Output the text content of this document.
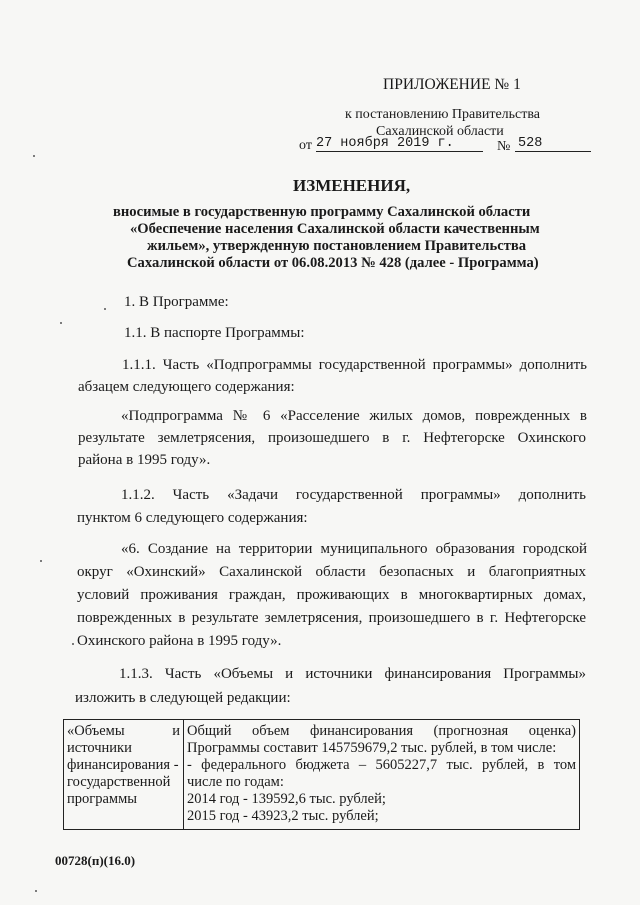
ПРИЛОЖЕНИЕ № 1
к постановлению Правительства
Сахалинской области
от 27 ноября 2019 г.	№ 528
ИЗМЕНЕНИЯ,
вносимые в государственную программу Сахалинской области
«Обеспечение населения Сахалинской области качественным
жильем», утвержденную постановлением Правительства
Сахалинской области от 06.08.2013 № 428 (далее - Программа)
1. В Программе:
1.1. В паспорте Программы:
1.1.1. Часть «Подпрограммы государственной программы» дополнить
абзацем следующего содержания:
«Подпрограмма № 6 «Расселение жилых домов, поврежденных в
результате землетрясения, произошедшего в г. Нефтегорске Охинского
района в 1995 году».
1.1.2. Часть «Задачи государственной программы» дополнить
пунктом 6 следующего содержания:
«6. Создание на территории муниципального образования городской
округ «Охинский» Сахалинской области безопасных и благоприятных
условий проживания граждан, проживающих в многоквартирных домах,
поврежденных в результате землетрясения, произошедшего в г. Нефтегорске
Охинского района в 1995 году».
1.1.3. Часть «Объемы и источники финансирования Программы»
изложить в следующей редакции:
«Объемы и
источники
финансирования -
государственной
программы

Общий объем финансирования (прогнозная оценка)
Программы составит 145759679,2 тыс. рублей, в том числе:
- федерального бюджета – 5605227,7 тыс. рублей, в том
числе по годам:
2014 год - 139592,6 тыс. рублей;
2015 год - 43923,2 тыс. рублей;
00728(п)(16.0)
